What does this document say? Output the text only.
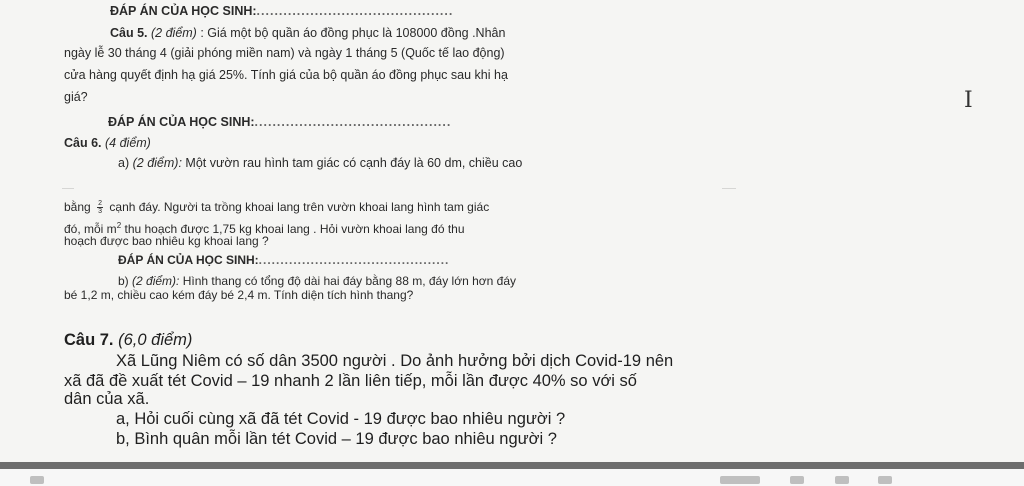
ĐÁP ÁN CỦA HỌC SINH:............................................
Câu 5. (2 điểm) : Giá một bộ quần áo đồng phục là 108000 đồng .Nhân
ngày lễ 30 tháng 4 (giải phóng miền nam) và ngày 1 tháng 5 (Quốc tế lao động)
cửa hàng quyết định hạ giá 25%. Tính giá của bộ quần áo đồng phục sau khi hạ
giá?
ĐÁP ÁN CỦA HỌC SINH:............................................
Câu 6. (4 điểm)
a) (2 điểm): Một vườn rau hình tam giác có cạnh đáy là 60 dm, chiều cao
bằng $\frac{2}{3}$ cạnh đáy. Người ta trồng khoai lang trên vườn khoai lang hình tam giác
đó, mỗi $m^2$ thu hoạch được 1,75 kg khoai lang . Hỏi vườn khoai lang đó thu
hoạch được bao nhiêu kg khoai lang ?
ĐÁP ÁN CỦA HỌC SINH:............................................
b) (2 điểm): Hình thang có tổng độ dài hai đáy bằng 88 m, đáy lớn hơn đáy
bé 1,2 m, chiều cao kém đáy bé 2,4 m. Tính diện tích hình thang?
Câu 7. (6,0 điểm)
Xã Lũng Niêm có số dân 3500 người . Do ảnh hưởng bởi dịch Covid-19 nên
xã đã đề xuất tét Covid – 19 nhanh 2 lần liên tiếp, mỗi lần được 40% so với số
dân của xã.
a, Hỏi cuối cùng xã đã tét Covid - 19 được bao nhiêu người ?
b, Bình quân mỗi lần tét Covid – 19 được bao nhiêu người ?
I
